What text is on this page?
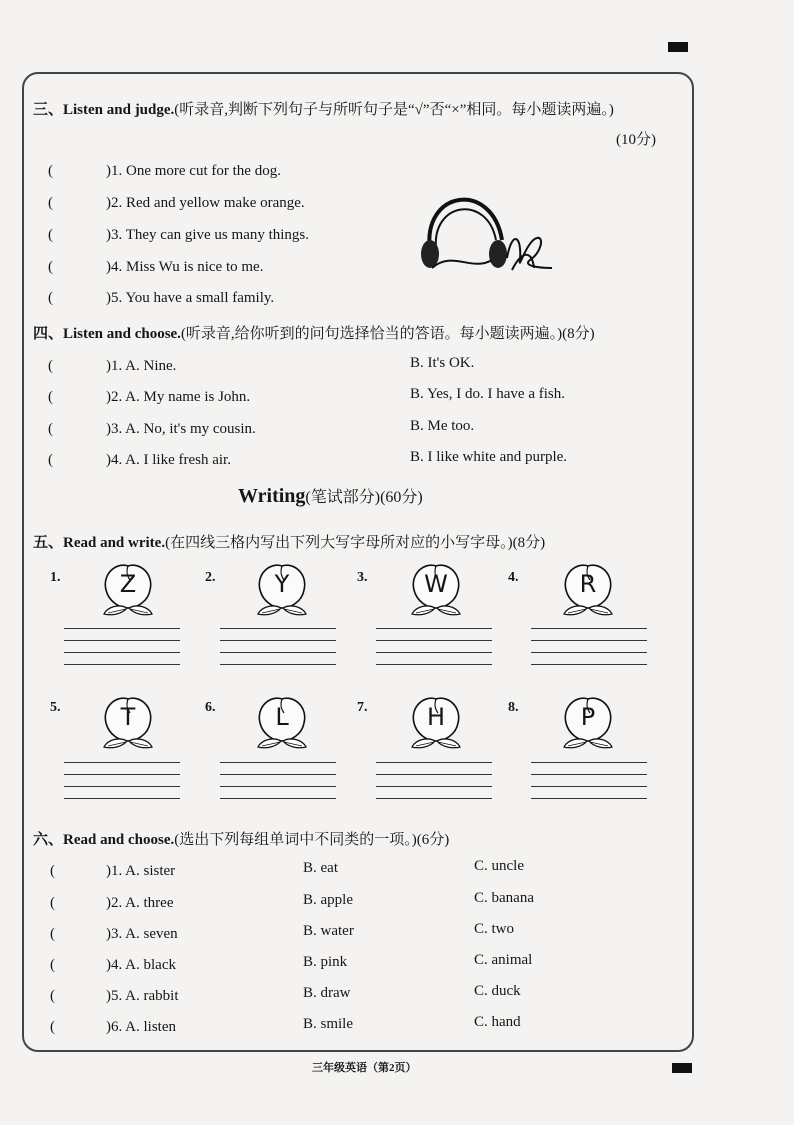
三、Listen and judge.(听录音,判断下列句子与所听句子是“√”否“×”相同。每小题读两遍。)
(10分)
(	)1. One more cut for the dog.
(	)2. Red and yellow make orange.
(	)3. They can give us many things.
(	)4. Miss Wu is nice to me.
(	)5. You have a small family.
四、Listen and choose.(听录音,给你听到的问句选择恰当的答语。每小题读两遍。)(8分)
(	)1. A. Nine.	B. It's OK.
(	)2. A. My name is John.	B. Yes, I do. I have a fish.
(	)3. A. No, it's my cousin.	B. Me too.
(	)4. A. I like fresh air.	B. I like white and purple.
Writing(笔试部分)(60分)
五、Read and write.(在四线三格内写出下列大写字母所对应的小写字母。)(8分)
1.	Z	2.	Y	3.	W	4.	R
5.	T	6.	L	7.	H	8.	P
六、Read and choose.(选出下列每组单词中不同类的一项。)(6分)
(	)1. A. sister	B. eat	C. uncle
(	)2. A. three	B. apple	C. banana
(	)3. A. seven	B. water	C. two
(	)4. A. black	B. pink	C. animal
(	)5. A. rabbit	B. draw	C. duck
(	)6. A. listen	B. smile	C. hand
三年级英语（第2页）
